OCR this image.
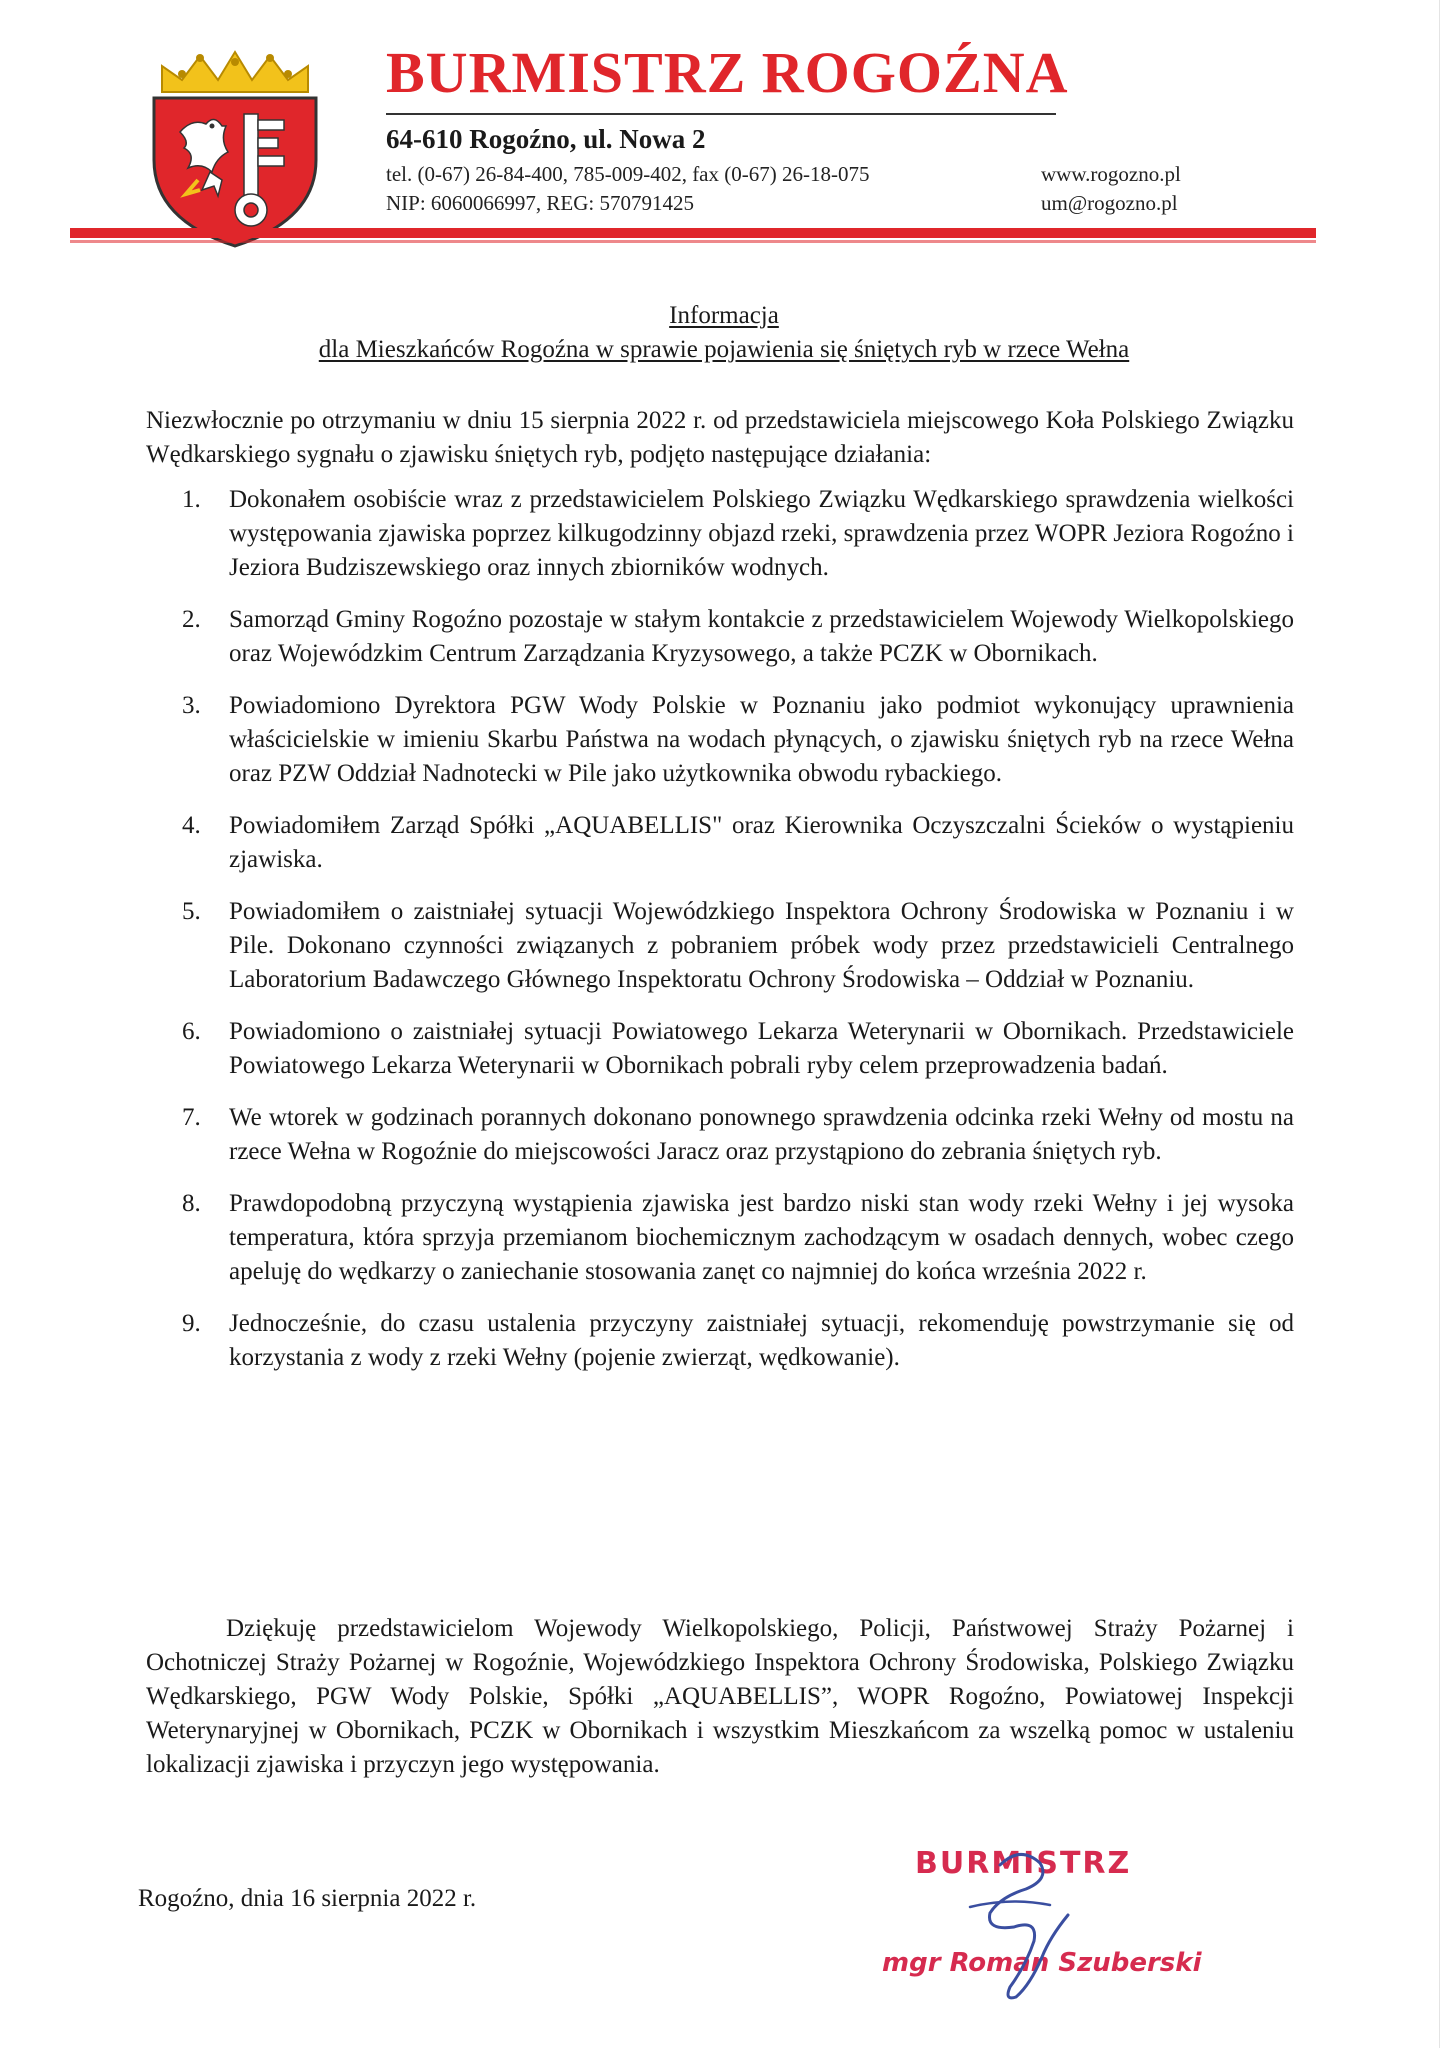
BURMISTRZ ROGOŹNA
64-610 Rogoźno, ul. Nowa 2
tel. (0-67) 26-84-400, 785-009-402, fax (0-67) 26-18-075
NIP: 6060066997, REG: 570791425
www.rogozno.pl
um@rogozno.pl
Informacja
dla Mieszkańców Rogoźna w sprawie pojawienia się śniętych ryb w rzece Wełna

Niezwłocznie po otrzymaniu w dniu 15 sierpnia 2022 r. od przedstawiciela miejscowego Koła Polskiego Związku Wędkarskiego sygnału o zjawisku śniętych ryb, podjęto następujące działania:

1. Dokonałem osobiście wraz z przedstawicielem Polskiego Związku Wędkarskiego sprawdzenia wielkości występowania zjawiska poprzez kilkugodzinny objazd rzeki, sprawdzenia przez WOPR Jeziora Rogoźno i Jeziora Budziszewskiego oraz innych zbiorników wodnych.
2. Samorząd Gminy Rogoźno pozostaje w stałym kontakcie z przedstawicielem Wojewody Wielkopolskiego oraz Wojewódzkim Centrum Zarządzania Kryzysowego, a także PCZK w Obornikach.
3. Powiadomiono Dyrektora PGW Wody Polskie w Poznaniu jako podmiot wykonujący uprawnienia właścicielskie w imieniu Skarbu Państwa na wodach płynących, o zjawisku śniętych ryb na rzece Wełna oraz PZW Oddział Nadnotecki w Pile jako użytkownika obwodu rybackiego.
4. Powiadomiłem Zarząd Spółki „AQUABELLIS" oraz Kierownika Oczyszczalni Ścieków o wystąpieniu zjawiska.
5. Powiadomiłem o zaistniałej sytuacji Wojewódzkiego Inspektora Ochrony Środowiska w Poznaniu i w Pile. Dokonano czynności związanych z pobraniem próbek wody przez przedstawicieli Centralnego Laboratorium Badawczego Głównego Inspektoratu Ochrony Środowiska – Oddział w Poznaniu.
6. Powiadomiono o zaistniałej sytuacji Powiatowego Lekarza Weterynarii w Obornikach. Przedstawiciele Powiatowego Lekarza Weterynarii w Obornikach pobrali ryby celem przeprowadzenia badań.
7. We wtorek w godzinach porannych dokonano ponownego sprawdzenia odcinka rzeki Wełny od mostu na rzece Wełna w Rogoźnie do miejscowości Jaracz oraz przystąpiono do zebrania śniętych ryb.
8. Prawdopodobną przyczyną wystąpienia zjawiska jest bardzo niski stan wody rzeki Wełny i jej wysoka temperatura, która sprzyja przemianom biochemicznym zachodzącym w osadach dennych, wobec czego apeluję do wędkarzy o zaniechanie stosowania zanęt co najmniej do końca września 2022 r.
9. Jednocześnie, do czasu ustalenia przyczyny zaistniałej sytuacji, rekomenduję powstrzymanie się od korzystania z wody z rzeki Wełny (pojenie zwierząt, wędkowanie).

Dziękuję przedstawicielom Wojewody Wielkopolskiego, Policji, Państwowej Straży Pożarnej i Ochotniczej Straży Pożarnej w Rogoźnie, Wojewódzkiego Inspektora Ochrony Środowiska, Polskiego Związku Wędkarskiego, PGW Wody Polskie, Spółki „AQUABELLIS”, WOPR Rogoźno, Powiatowej Inspekcji Weterynaryjnej w Obornikach, PCZK w Obornikach i wszystkim Mieszkańcom za wszelką pomoc w ustaleniu lokalizacji zjawiska i przyczyn jego występowania.

Rogoźno, dnia 16 sierpnia 2022 r.
BURMISTRZ
mgr Roman Szuberski
